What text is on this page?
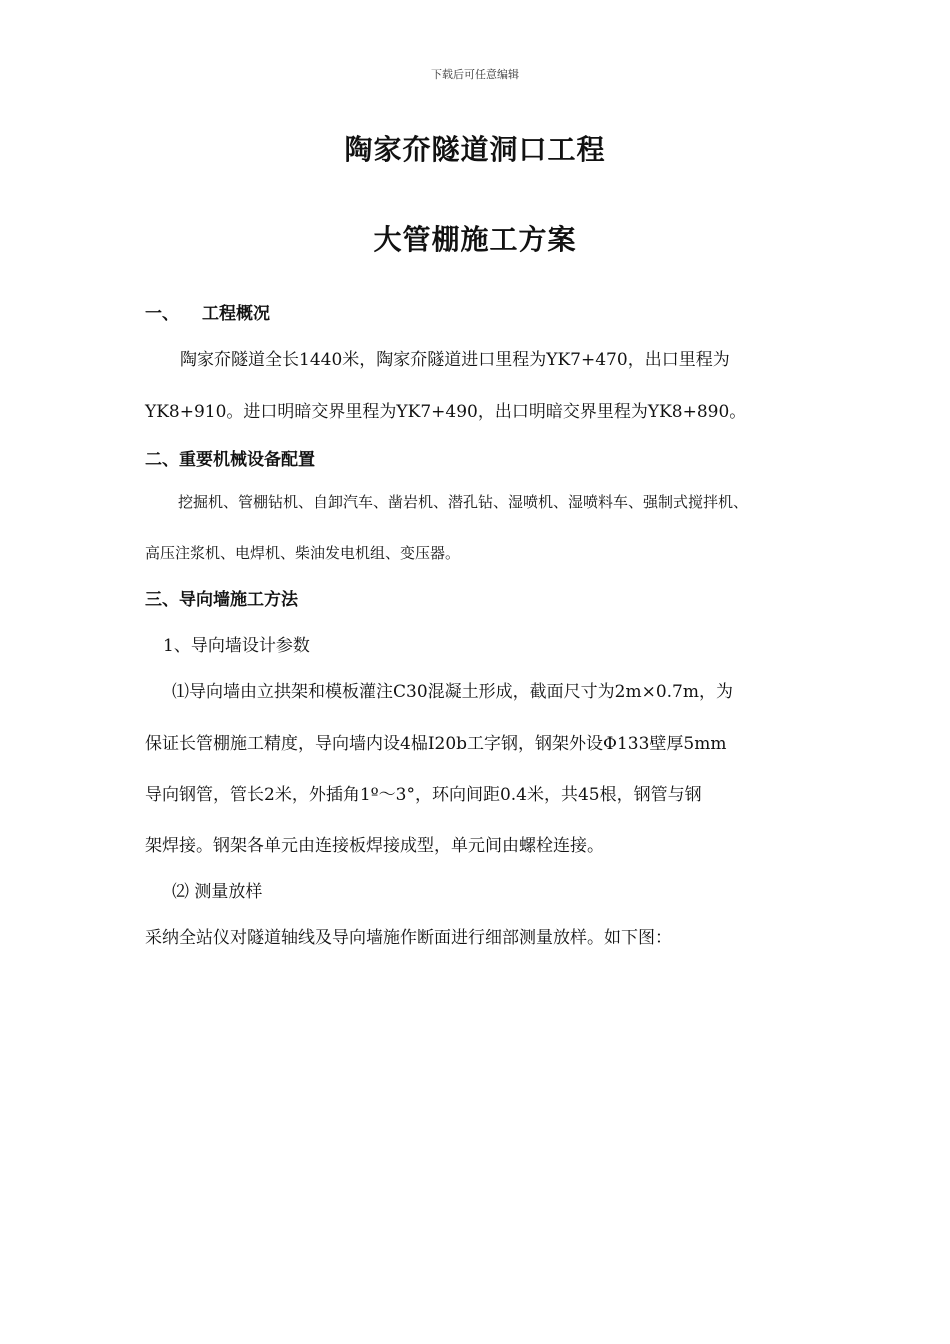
下载后可任意编辑
陶家夼隧道洞口工程
大管棚施工方案
一、 工程概况
陶家夼隧道全长1440米，陶家夼隧道进口里程为YK7+470，出口里程为
YK8+910。进口明暗交界里程为YK7+490，出口明暗交界里程为YK8+890。
二、重要机械设备配置
挖掘机、管棚钻机、自卸汽车、凿岩机、潜孔钻、湿喷机、湿喷料车、强制式搅拌机、
高压注浆机、电焊机、柴油发电机组、变压器。
三、导向墙施工方法
1、导向墙设计参数
⑴导向墙由立拱架和模板灌注C30混凝土形成，截面尺寸为2m×0.7m，为
保证长管棚施工精度，导向墙内设4榀I20b工字钢，钢架外设Φ133壁厚5mm
导向钢管，管长2米，外插角1º～3°，环向间距0.4米，共45根，钢管与钢
架焊接。钢架各单元由连接板焊接成型，单元间由螺栓连接。
⑵ 测量放样
采纳全站仪对隧道轴线及导向墙施作断面进行细部测量放样。如下图：
